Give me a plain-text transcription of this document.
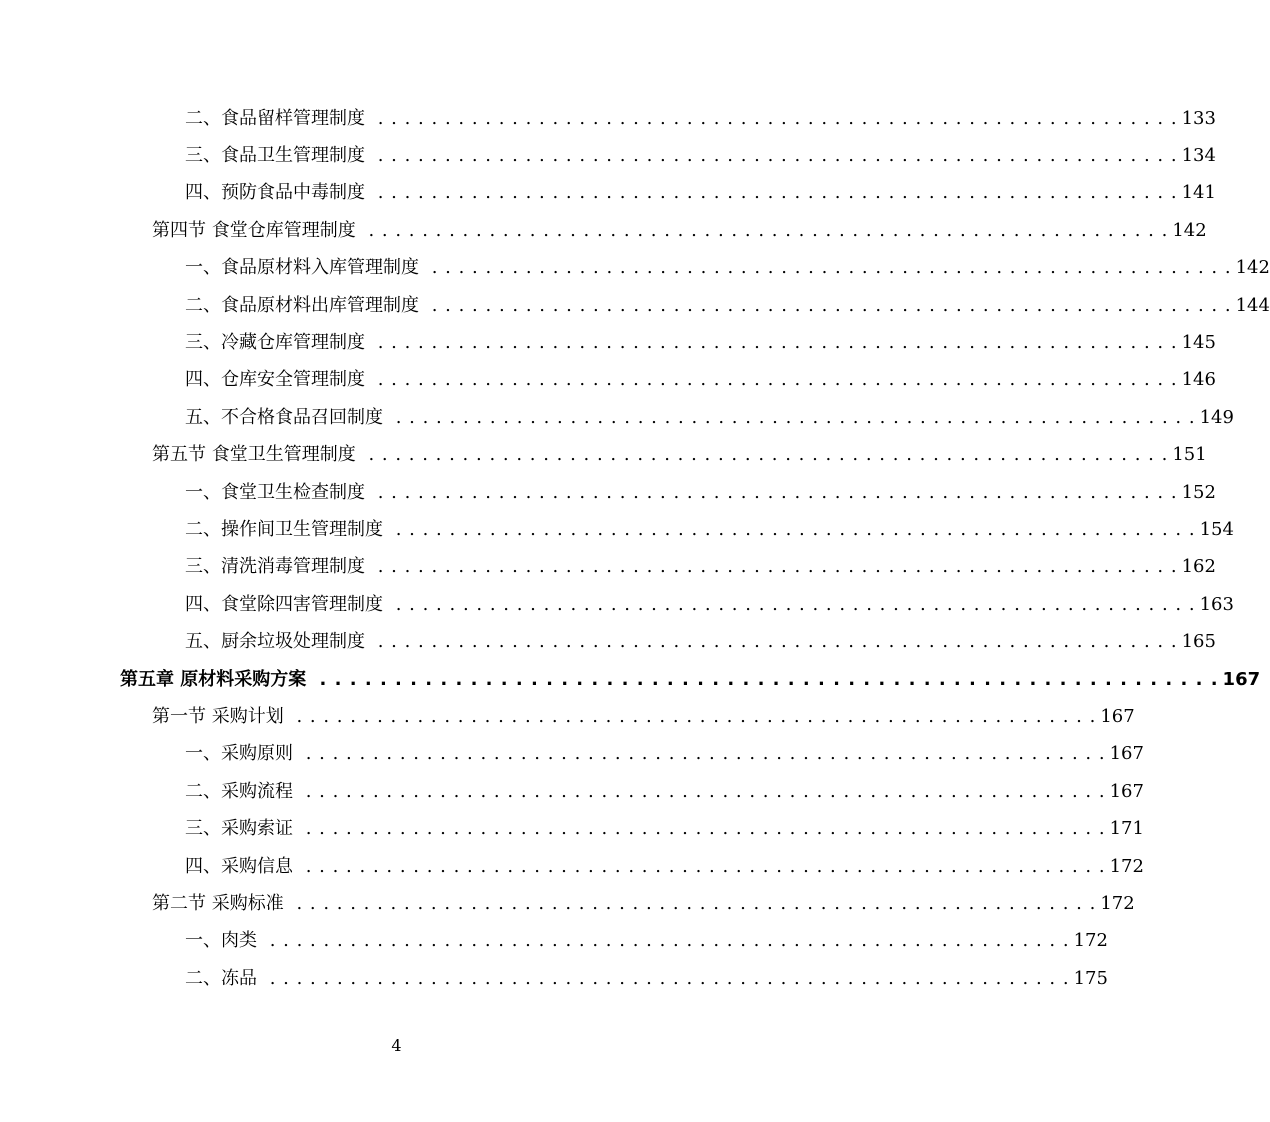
二、食品留样管理制度 . . . . . . . . . . . . . . . . . . . . . . . . . . . . . . . . . . . . . . . . . . . . . . . . . . . . . . . . . . . . 133
三、食品卫生管理制度 . . . . . . . . . . . . . . . . . . . . . . . . . . . . . . . . . . . . . . . . . . . . . . . . . . . . . . . . . . . . 134
四、预防食品中毒制度 . . . . . . . . . . . . . . . . . . . . . . . . . . . . . . . . . . . . . . . . . . . . . . . . . . . . . . . . . . . . 141
第四节 食堂仓库管理制度 . . . . . . . . . . . . . . . . . . . . . . . . . . . . . . . . . . . . . . . . . . . . . . . . . . . . . . . . . . . . 142
一、食品原材料入库管理制度 . . . . . . . . . . . . . . . . . . . . . . . . . . . . . . . . . . . . . . . . . . . . . . . . . . . . . . . . . . . . 142
二、食品原材料出库管理制度 . . . . . . . . . . . . . . . . . . . . . . . . . . . . . . . . . . . . . . . . . . . . . . . . . . . . . . . . . . . . 144
三、冷藏仓库管理制度 . . . . . . . . . . . . . . . . . . . . . . . . . . . . . . . . . . . . . . . . . . . . . . . . . . . . . . . . . . . . 145
四、仓库安全管理制度 . . . . . . . . . . . . . . . . . . . . . . . . . . . . . . . . . . . . . . . . . . . . . . . . . . . . . . . . . . . . 146
五、不合格食品召回制度 . . . . . . . . . . . . . . . . . . . . . . . . . . . . . . . . . . . . . . . . . . . . . . . . . . . . . . . . . . . . 149
第五节 食堂卫生管理制度 . . . . . . . . . . . . . . . . . . . . . . . . . . . . . . . . . . . . . . . . . . . . . . . . . . . . . . . . . . . . 151
一、食堂卫生检查制度 . . . . . . . . . . . . . . . . . . . . . . . . . . . . . . . . . . . . . . . . . . . . . . . . . . . . . . . . . . . . 152
二、操作间卫生管理制度 . . . . . . . . . . . . . . . . . . . . . . . . . . . . . . . . . . . . . . . . . . . . . . . . . . . . . . . . . . . . 154
三、清洗消毒管理制度 . . . . . . . . . . . . . . . . . . . . . . . . . . . . . . . . . . . . . . . . . . . . . . . . . . . . . . . . . . . . 162
四、食堂除四害管理制度 . . . . . . . . . . . . . . . . . . . . . . . . . . . . . . . . . . . . . . . . . . . . . . . . . . . . . . . . . . . . 163
五、厨余垃圾处理制度 . . . . . . . . . . . . . . . . . . . . . . . . . . . . . . . . . . . . . . . . . . . . . . . . . . . . . . . . . . . . 165
第五章 原材料采购方案 . . . . . . . . . . . . . . . . . . . . . . . . . . . . . . . . . . . . . . . . . . . . . . . . . . . . . . . . . . . . 167
第一节 采购计划 . . . . . . . . . . . . . . . . . . . . . . . . . . . . . . . . . . . . . . . . . . . . . . . . . . . . . . . . . . . . 167
一、采购原则 . . . . . . . . . . . . . . . . . . . . . . . . . . . . . . . . . . . . . . . . . . . . . . . . . . . . . . . . . . . . 167
二、采购流程 . . . . . . . . . . . . . . . . . . . . . . . . . . . . . . . . . . . . . . . . . . . . . . . . . . . . . . . . . . . . 167
三、采购索证 . . . . . . . . . . . . . . . . . . . . . . . . . . . . . . . . . . . . . . . . . . . . . . . . . . . . . . . . . . . . 171
四、采购信息 . . . . . . . . . . . . . . . . . . . . . . . . . . . . . . . . . . . . . . . . . . . . . . . . . . . . . . . . . . . . 172
第二节 采购标准 . . . . . . . . . . . . . . . . . . . . . . . . . . . . . . . . . . . . . . . . . . . . . . . . . . . . . . . . . . . . 172
一、肉类 . . . . . . . . . . . . . . . . . . . . . . . . . . . . . . . . . . . . . . . . . . . . . . . . . . . . . . . . . . . . 172
二、冻品 . . . . . . . . . . . . . . . . . . . . . . . . . . . . . . . . . . . . . . . . . . . . . . . . . . . . . . . . . . . . 175
4
